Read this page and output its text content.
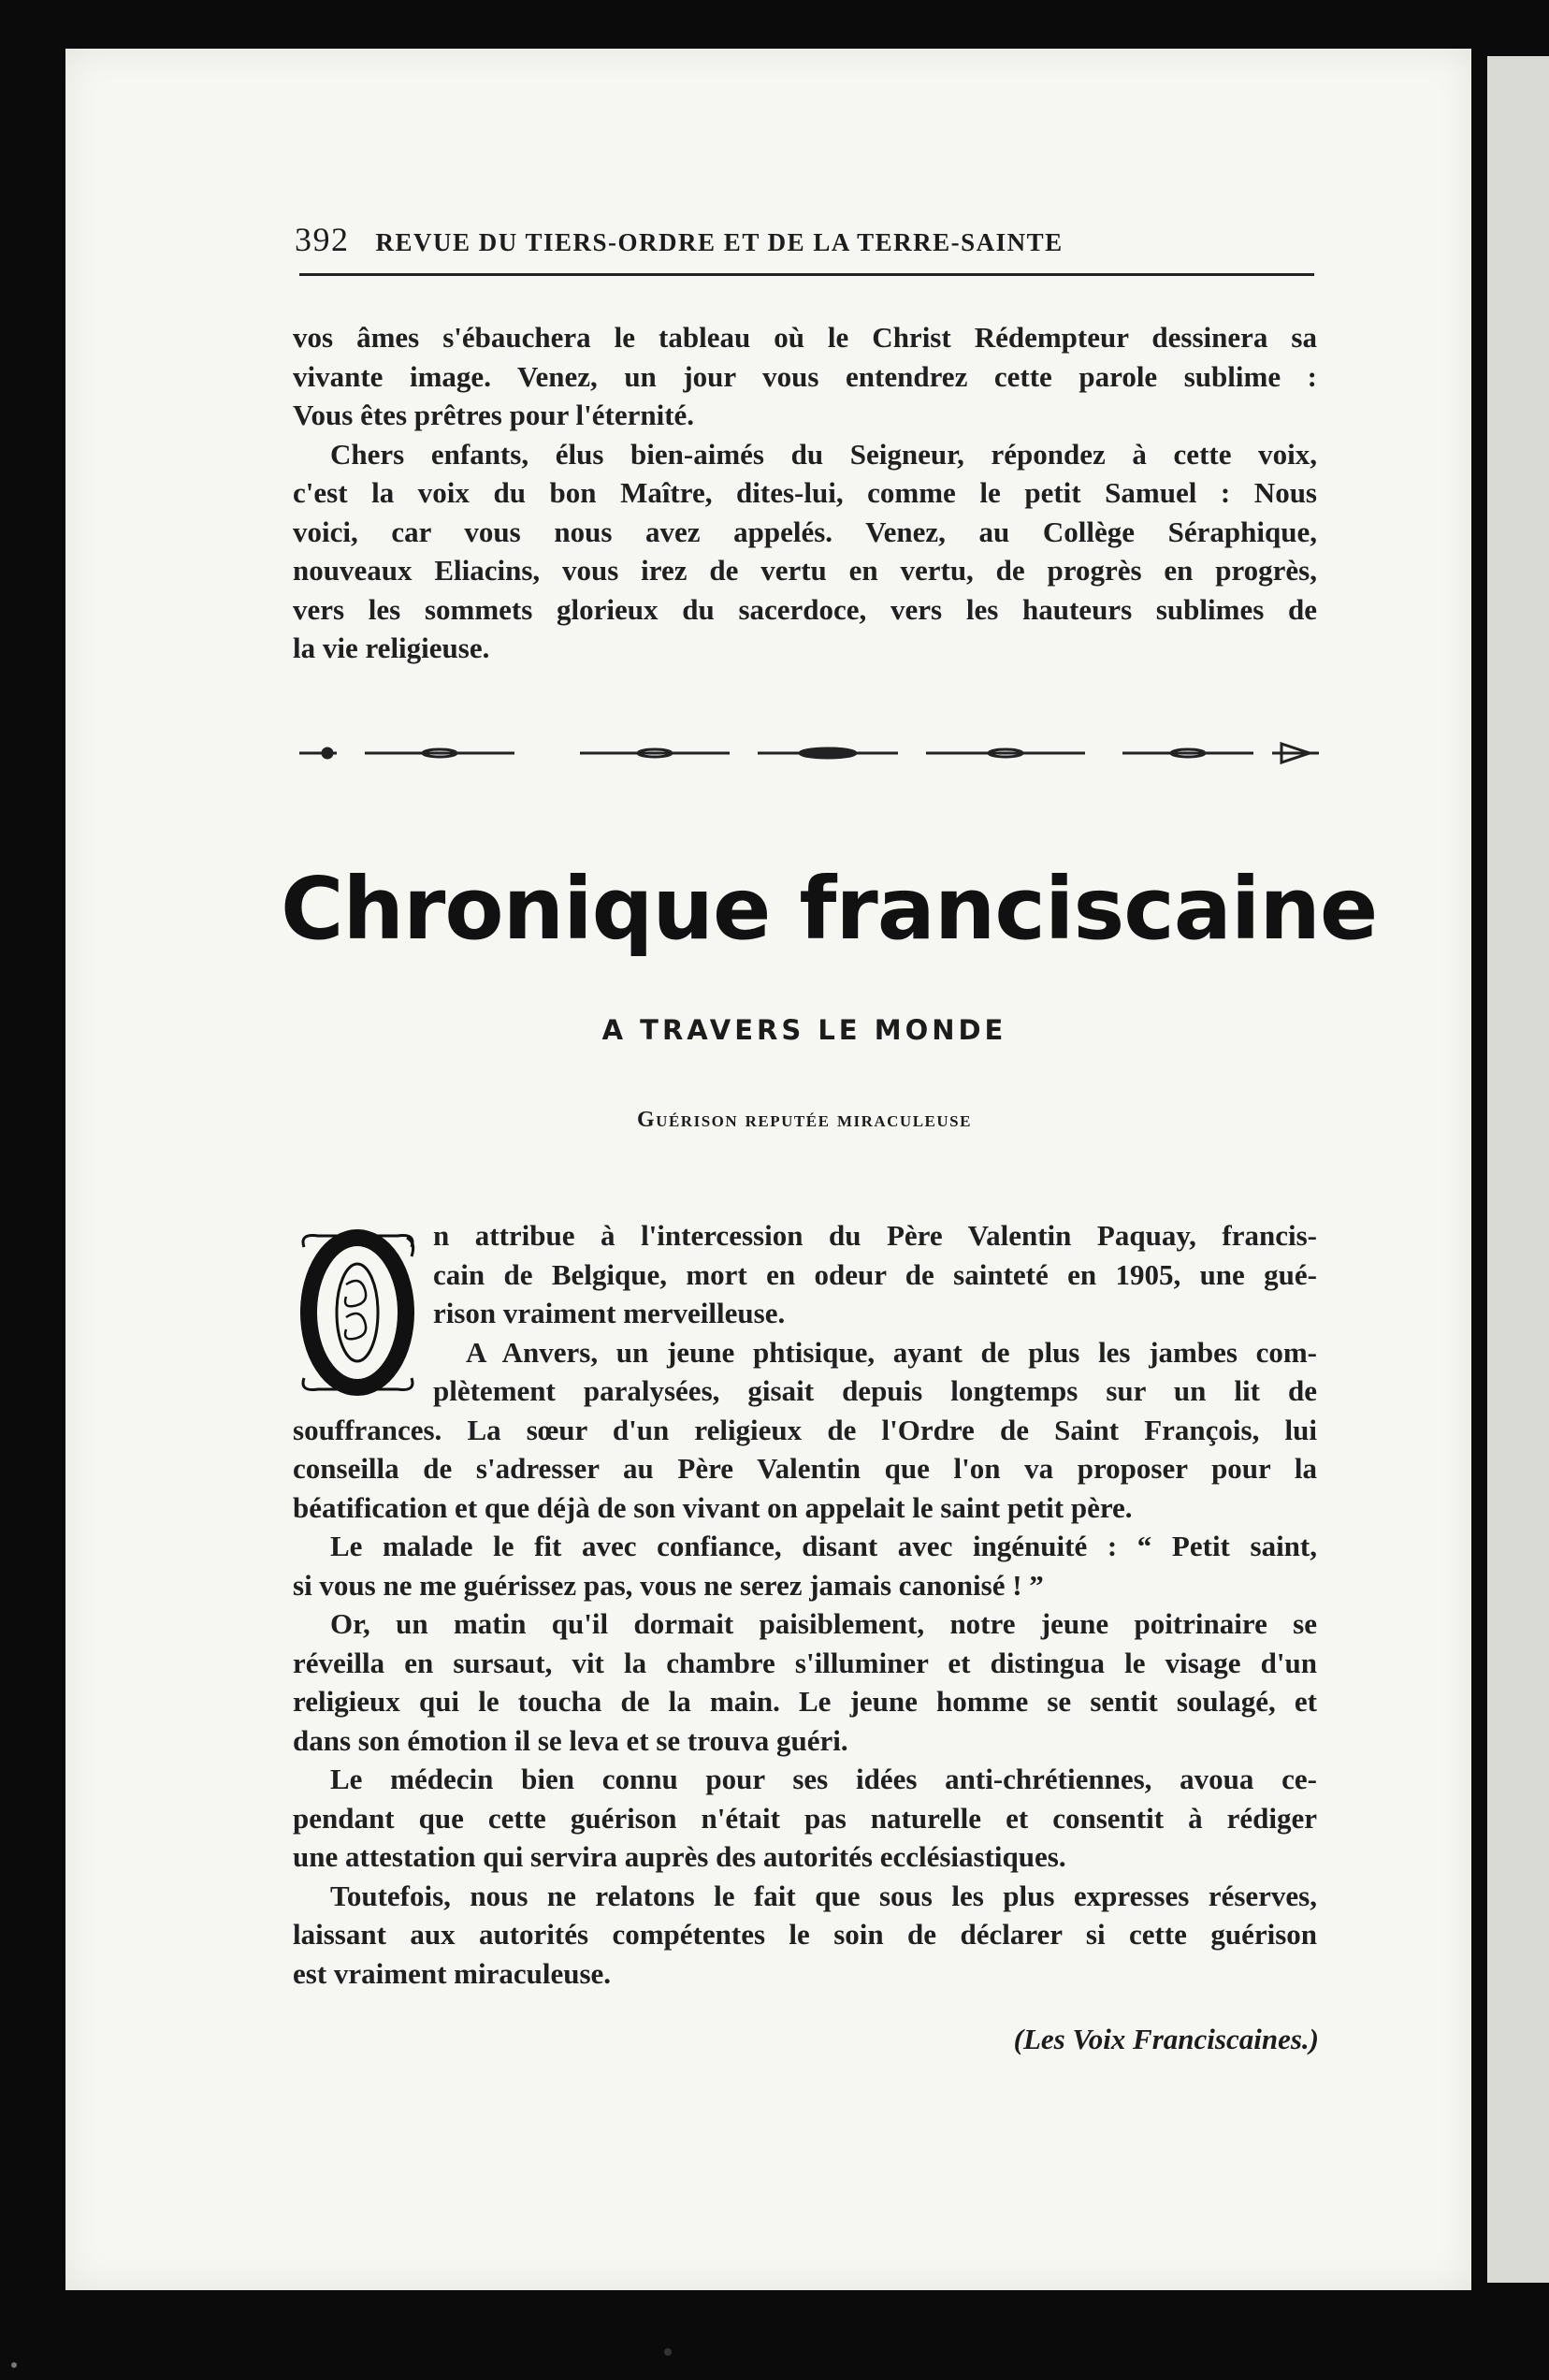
392 REVUE DU TIERS-ORDRE ET DE LA TERRE-SAINTE

vos âmes s'ébauchera le tableau où le Christ Rédempteur dessinera sa

vivante image. Venez, un jour vous entendrez cette parole sublime :

Vous êtes prêtres pour l'éternité.

Chers enfants, élus bien-aimés du Seigneur, répondez à cette voix,

c'est la voix du bon Maître, dites-lui, comme le petit Samuel : Nous

voici, car vous nous avez appelés. Venez, au Collège Séraphique,

nouveaux Eliacins, vous irez de vertu en vertu, de progrès en progrès,

vers les sommets glorieux du sacerdoce, vers les hauteurs sublimes de

la vie religieuse.

Chronique franciscaine
A TRAVERS LE MONDE
Guérison reputée miraculeuse

n attribue à l'intercession du Père Valentin Paquay, francis-

cain de Belgique, mort en odeur de sainteté en 1905, une gué-

rison vraiment merveilleuse.

A Anvers, un jeune phtisique, ayant de plus les jambes com-

plètement paralysées, gisait depuis longtemps sur un lit de

souffrances. La sœur d'un religieux de l'Ordre de Saint François, lui

conseilla de s'adresser au Père Valentin que l'on va proposer pour la

béatification et que déjà de son vivant on appelait le saint petit père.

Le malade le fit avec confiance, disant avec ingénuité : “ Petit saint,

si vous ne me guérissez pas, vous ne serez jamais canonisé ! ”

Or, un matin qu'il dormait paisiblement, notre jeune poitrinaire se

réveilla en sursaut, vit la chambre s'illuminer et distingua le visage d'un

religieux qui le toucha de la main. Le jeune homme se sentit soulagé, et

dans son émotion il se leva et se trouva guéri.

Le médecin bien connu pour ses idées anti-chrétiennes, avoua ce-

pendant que cette guérison n'était pas naturelle et consentit à rédiger

une attestation qui servira auprès des autorités ecclésiastiques.

Toutefois, nous ne relatons le fait que sous les plus expresses réserves,

laissant aux autorités compétentes le soin de déclarer si cette guérison

est vraiment miraculeuse.

(Les Voix Franciscaines.)
